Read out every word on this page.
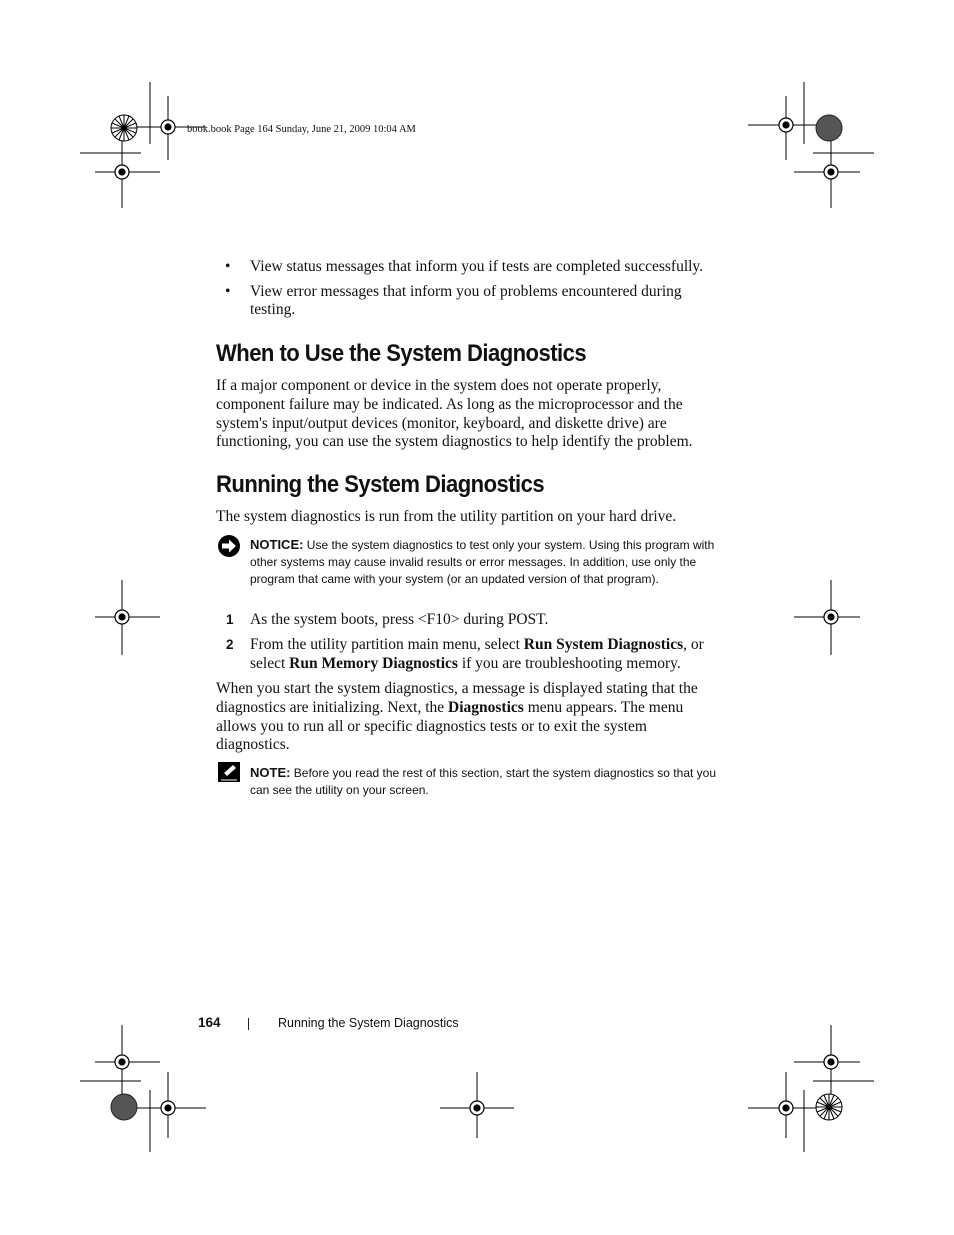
book.book Page 164 Sunday, June 21, 2009 10:04 AM
•	View status messages that inform you if tests are completed successfully.
•	View error messages that inform you of problems encountered during testing.
When to Use the System Diagnostics
If a major component or device in the system does not operate properly, component failure may be indicated. As long as the microprocessor and the system's input/output devices (monitor, keyboard, and diskette drive) are functioning, you can use the system diagnostics to help identify the problem.
Running the System Diagnostics
The system diagnostics is run from the utility partition on your hard drive.
NOTICE: Use the system diagnostics to test only your system. Using this program with other systems may cause invalid results or error messages. In addition, use only the program that came with your system (or an updated version of that program).
1	As the system boots, press <F10> during POST.
2	From the utility partition main menu, select Run System Diagnostics, or select Run Memory Diagnostics if you are troubleshooting memory.
When you start the system diagnostics, a message is displayed stating that the diagnostics are initializing. Next, the Diagnostics menu appears. The menu allows you to run all or specific diagnostics tests or to exit the system diagnostics.
NOTE: Before you read the rest of this section, start the system diagnostics so that you can see the utility on your screen.
164	Running the System Diagnostics
